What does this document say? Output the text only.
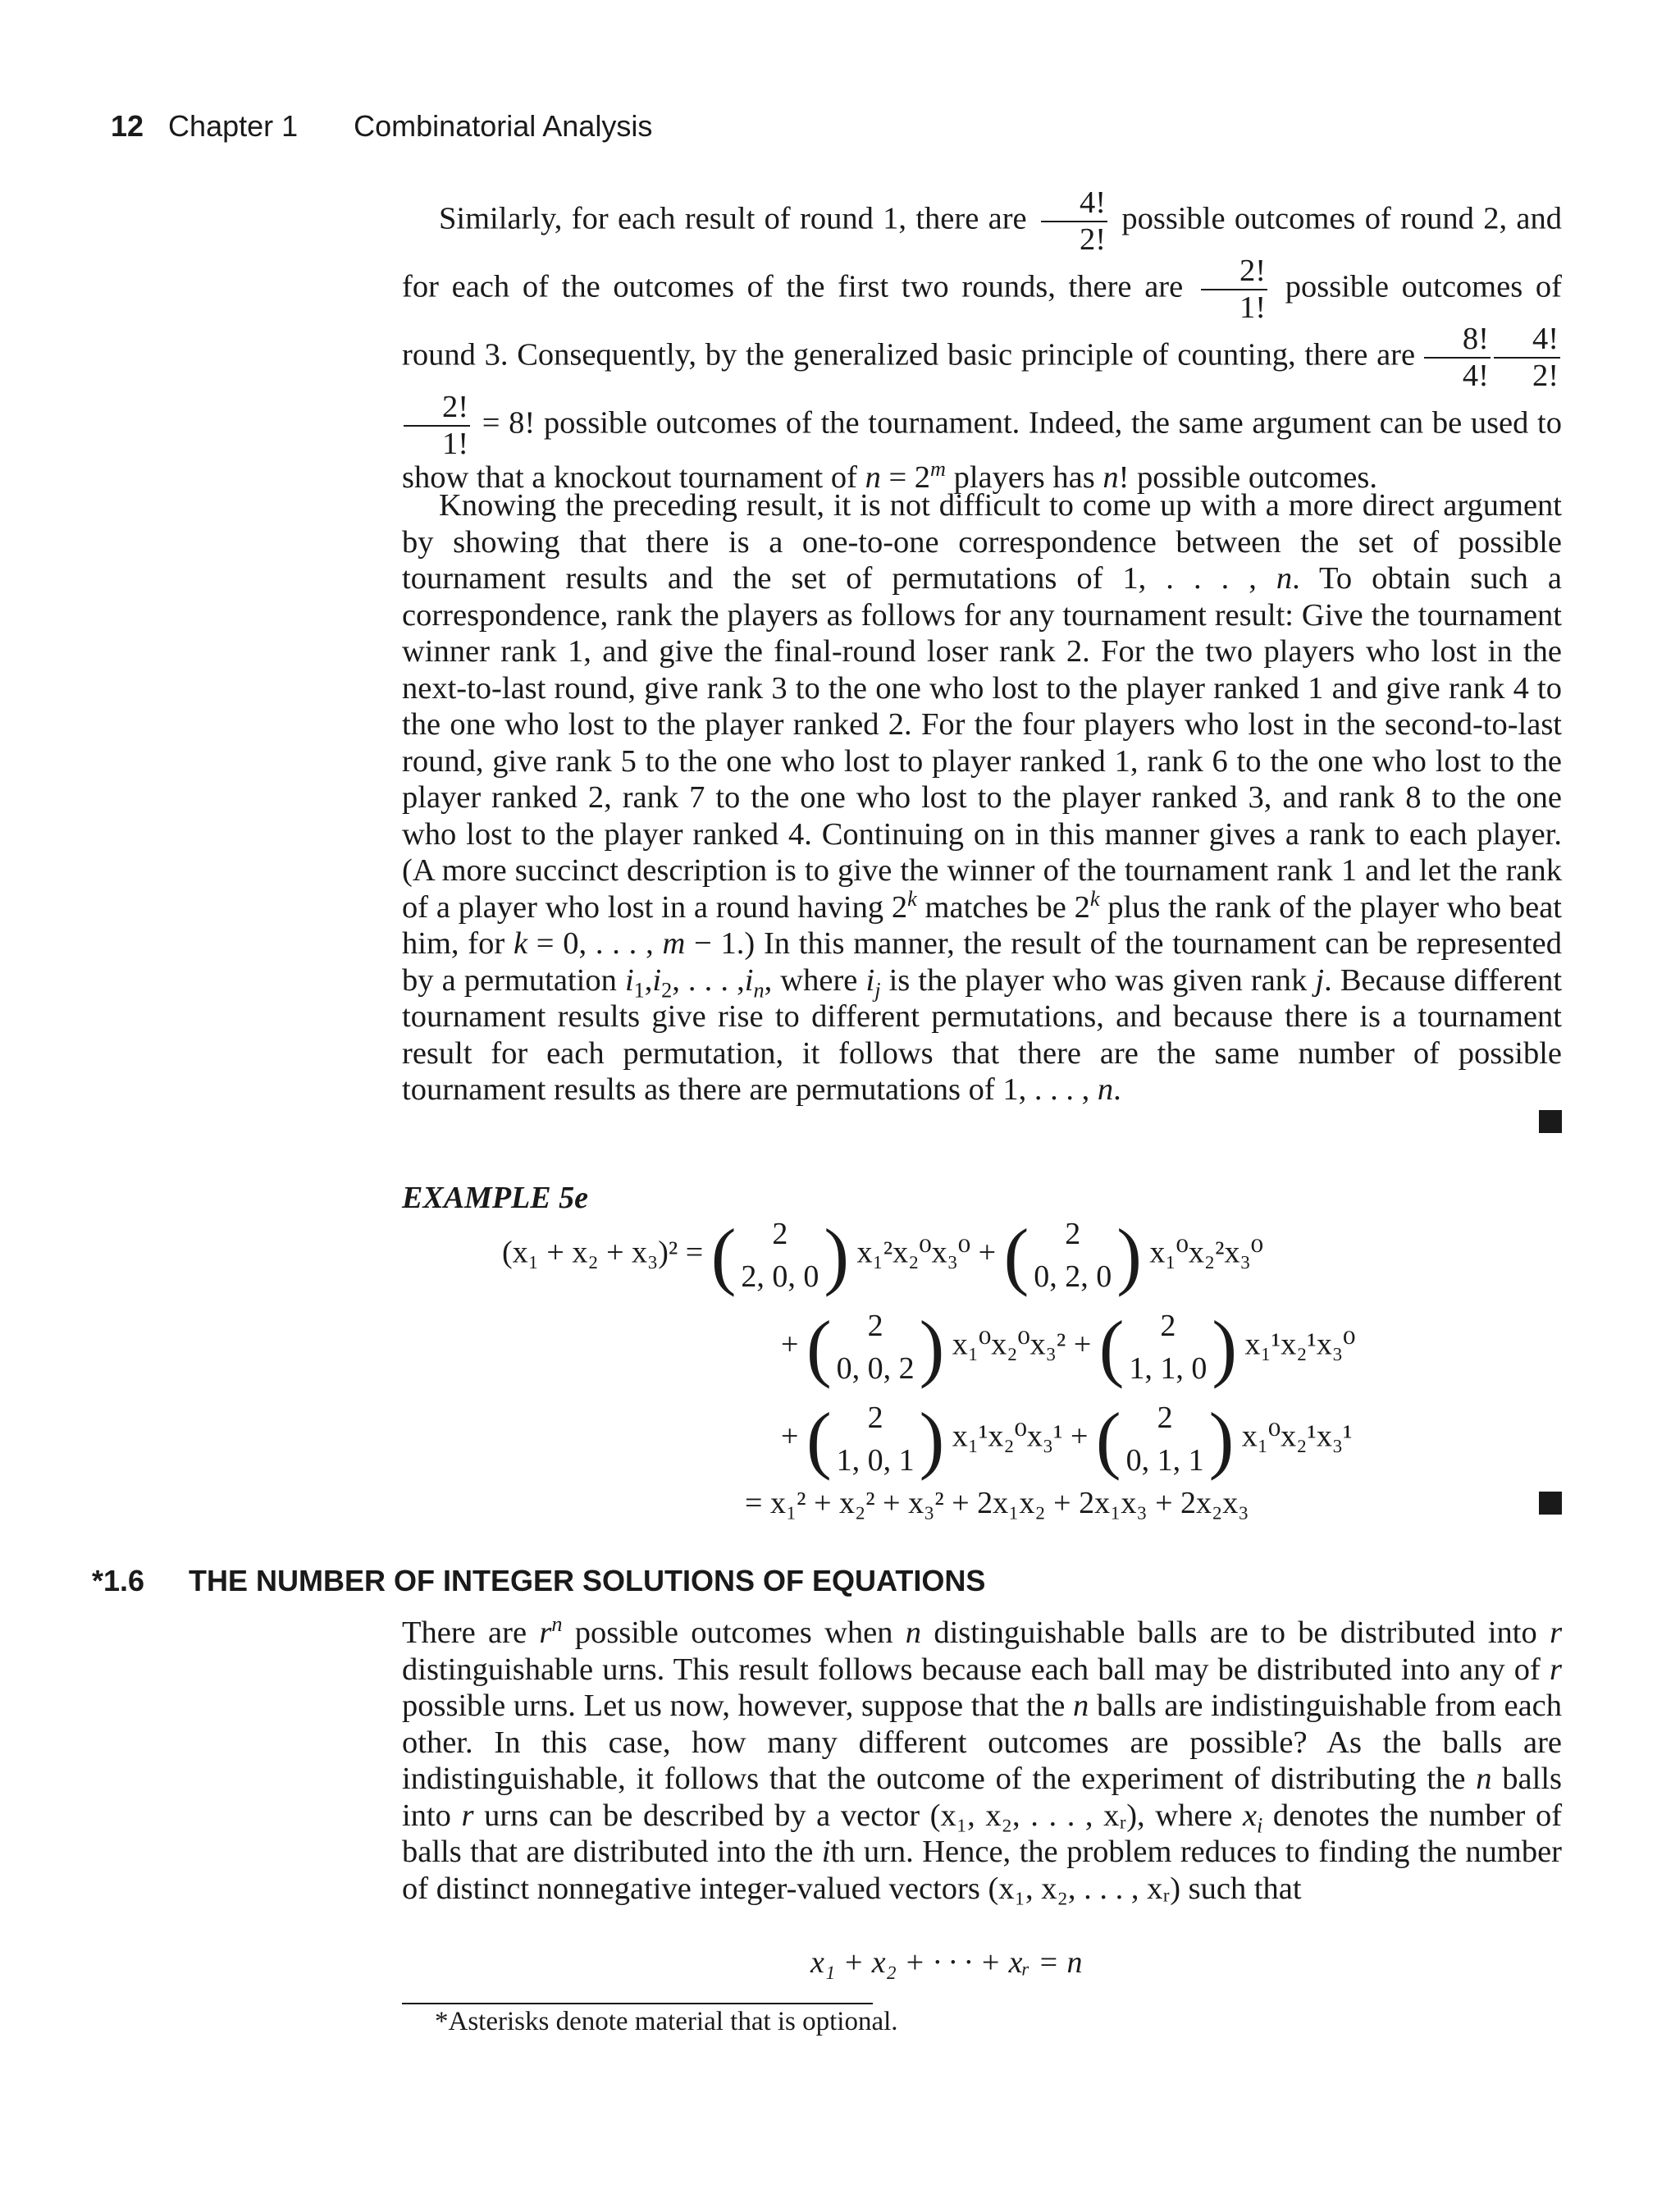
12 Chapter 1 Combinatorial Analysis
Similarly, for each result of round 1, there are $\frac{4!}{2!}$ possible outcomes of round 2, and for each of the outcomes of the first two rounds, there are $\frac{2!}{1!}$ possible outcomes of round 3. Consequently, by the generalized basic principle of counting, there are $\frac{8!}{4!} \frac{4!}{2!}$
$\frac{2!}{1!} = 8$! possible outcomes of the tournament. Indeed, the same argument can be used to show that a knockout tournament of $n = 2^m$ players has n! possible outcomes.
Knowing the preceding result, it is not difficult to come up with a more direct argument by showing that there is a one-to-one correspondence between the set of possible tournament results and the set of permutations of 1, . . . , n. To obtain such a correspondence, rank the players as follows for any tournament result: Give the tournament winner rank 1, and give the final-round loser rank 2. For the two players who lost in the next-to-last round, give rank 3 to the one who lost to the player ranked 1 and give rank 4 to the one who lost to the player ranked 2. For the four players who lost in the second-to-last round, give rank 5 to the one who lost to player ranked 1, rank 6 to the one who lost to the player ranked 2, rank 7 to the one who lost to the player ranked 3, and rank 8 to the one who lost to the player ranked 4. Continuing on in this manner gives a rank to each player. (A more succinct description is to give the winner of the tournament rank 1 and let the rank of a player who lost in a round having 2$^k$ matches be 2$^k$ plus the rank of the player who beat him, for k = 0, . . . , m − 1.) In this manner, the result of the tournament can be represented by a permutation $i_1,i_2$, . . . $,i_n$, where $i_j$ is the player who was given rank j. Because different tournament results give rise to different permutations, and because there is a tournament result for each permutation, it follows that there are the same number of possible tournament results as there are permutations of 1, . . . , n.
EXAMPLE 5e
(x₁ + x₂ + x₃)² = (	2
2, 0, 0 ) x₁²x₂⁰x₃⁰ + (	2
0, 2, 0 ) x₁⁰x₂²x₃⁰
+ (	2
0, 0, 2 ) x₁⁰x₂⁰x₃² + (	2
1, 1, 0 ) x₁¹x₂¹x₃⁰
+ (	2
1, 0, 1 ) x₁¹x₂⁰x₃¹ + (	2
0, 1, 1 ) x₁⁰x₂¹x₃¹
= x₁² + x₂² + x₃² + 2x₁x₂ + 2x₁x₃ + 2x₂x₃
*1.6 THE NUMBER OF INTEGER SOLUTIONS OF EQUATIONS
There are $r^n$ possible outcomes when n distinguishable balls are to be distributed into r distinguishable urns. This result follows because each ball may be distributed into any of r possible urns. Let us now, however, suppose that the n balls are indistinguishable from each other. In this case, how many different outcomes are possible? As the balls are indistinguishable, it follows that the outcome of the experiment of distributing the n balls into r urns can be described by a vector (x₁, x₂, . . . , xᵣ), where $x_i$ denotes the number of balls that are distributed into the ith urn. Hence, the problem reduces to finding the number of distinct nonnegative integer-valued vectors (x₁, x₂, . . . , xᵣ) such that
x₁ + x₂ + · · · + xᵣ = n
*Asterisks denote material that is optional.
